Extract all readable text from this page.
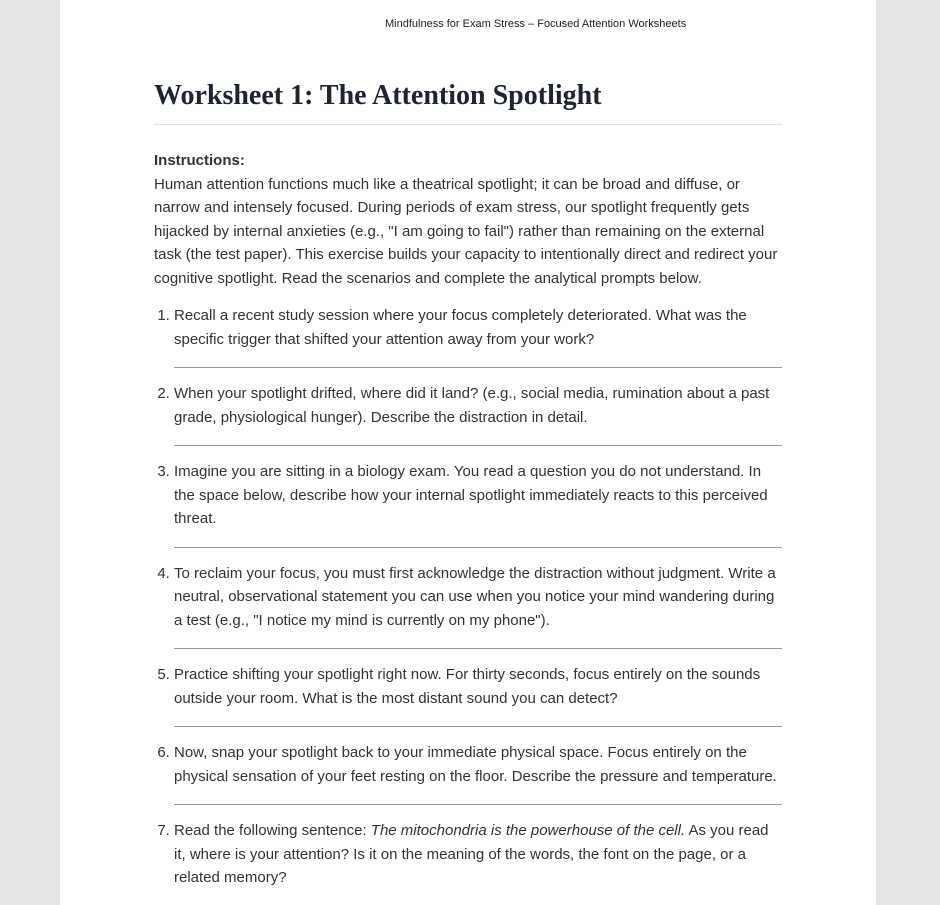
Mindfulness for Exam Stress – Focused Attention Worksheets
Worksheet 1: The Attention Spotlight
Instructions:
Human attention functions much like a theatrical spotlight; it can be broad and diffuse, or narrow and intensely focused. During periods of exam stress, our spotlight frequently gets hijacked by internal anxieties (e.g., "I am going to fail") rather than remaining on the external task (the test paper). This exercise builds your capacity to intentionally direct and redirect your cognitive spotlight. Read the scenarios and complete the analytical prompts below.
1. Recall a recent study session where your focus completely deteriorated. What was the specific trigger that shifted your attention away from your work?
2. When your spotlight drifted, where did it land? (e.g., social media, rumination about a past grade, physiological hunger). Describe the distraction in detail.
3. Imagine you are sitting in a biology exam. You read a question you do not understand. In the space below, describe how your internal spotlight immediately reacts to this perceived threat.
4. To reclaim your focus, you must first acknowledge the distraction without judgment. Write a neutral, observational statement you can use when you notice your mind wandering during a test (e.g., "I notice my mind is currently on my phone").
5. Practice shifting your spotlight right now. For thirty seconds, focus entirely on the sounds outside your room. What is the most distant sound you can detect?
6. Now, snap your spotlight back to your immediate physical space. Focus entirely on the physical sensation of your feet resting on the floor. Describe the pressure and temperature.
7. Read the following sentence: The mitochondria is the powerhouse of the cell. As you read it, where is your attention? Is it on the meaning of the words, the font on the page, or a related memory?
